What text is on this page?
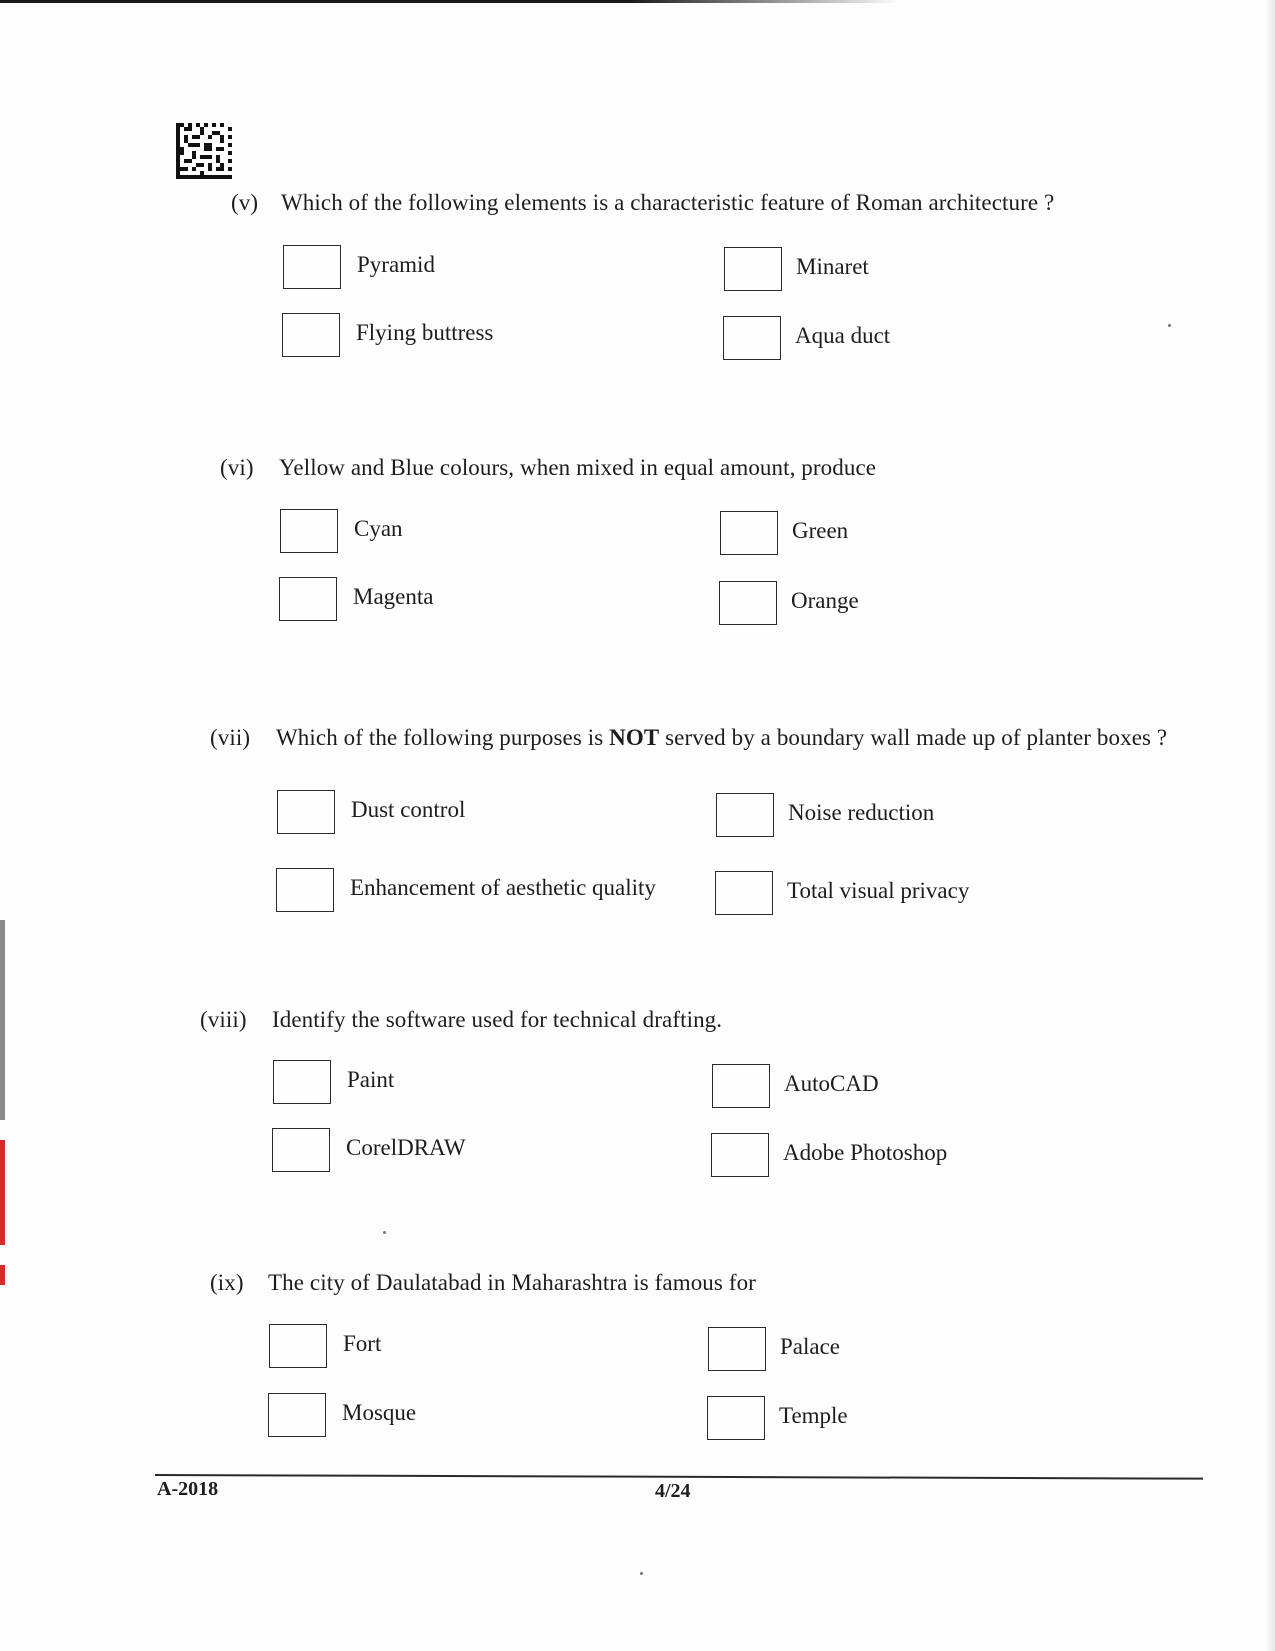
(v) Which of the following elements is a characteristic feature of Roman architecture ?
Pyramid	Minaret
Flying buttress	Aqua duct
(vi) Yellow and Blue colours, when mixed in equal amount, produce
Cyan	Green
Magenta	Orange
(vii) Which of the following purposes is NOT served by a boundary wall made up of planter boxes ?
Dust control	Noise reduction
Enhancement of aesthetic quality	Total visual privacy
(viii) Identify the software used for technical drafting.
Paint	AutoCAD
CorelDRAW	Adobe Photoshop
(ix) The city of Daulatabad in Maharashtra is famous for
Fort	Palace
Mosque	Temple
A-2018	4/24
